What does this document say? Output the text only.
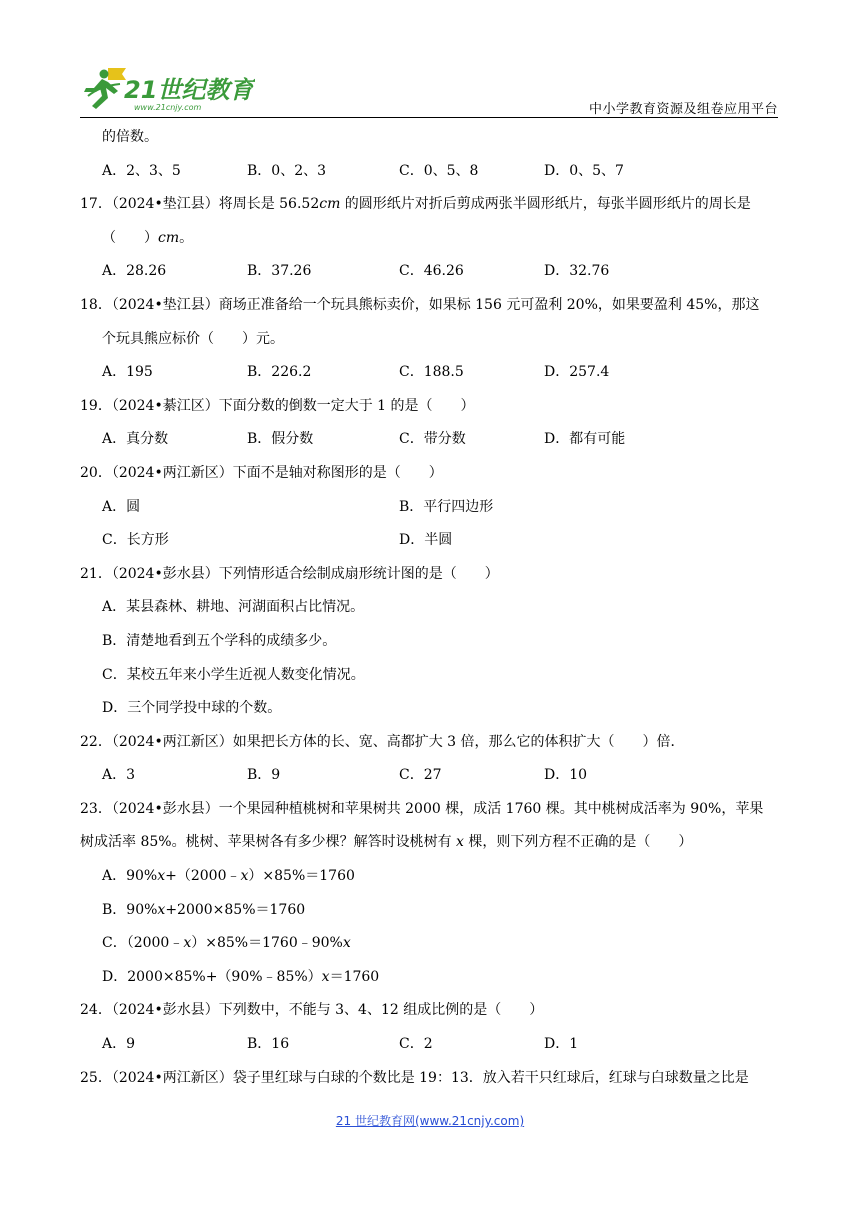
21世纪教育
www.21cnjy.com	中小学教育资源及组卷应用平台
的倍数。
A．2、3、5	B．0、2、3	C．0、5、8	D．0、5、7
17．（2024•垫江县）将周长是 56.52cm 的圆形纸片对折后剪成两张半圆形纸片，每张半圆形纸片的周长是
（　　）cm。
A．28.26	B．37.26	C．46.26	D．32.76
18．（2024•垫江县）商场正准备给一个玩具熊标卖价，如果标 156 元可盈利 20%，如果要盈利 45%，那这
个玩具熊应标价（　　）元。
A．195	B．226.2	C．188.5	D．257.4
19．（2024•綦江区）下面分数的倒数一定大于 1 的是（　　）
A．真分数	B．假分数	C．带分数	D．都有可能
20．（2024•两江新区）下面不是轴对称图形的是（　　）
A．圆	B．平行四边形
C．长方形	D．半圆
21．（2024•彭水县）下列情形适合绘制成扇形统计图的是（　　）
A．某县森林、耕地、河湖面积占比情况。
B．清楚地看到五个学科的成绩多少。
C．某校五年来小学生近视人数变化情况。
D．三个同学投中球的个数。
22．（2024•两江新区）如果把长方体的长、宽、高都扩大 3 倍，那么它的体积扩大（　　）倍．
A．3	B．9	C．27	D．10
23．（2024•彭水县）一个果园种植桃树和苹果树共 2000 棵，成活 1760 棵。其中桃树成活率为 90%，苹果
树成活率 85%。桃树、苹果树各有多少棵？解答时设桃树有 x 棵，则下列方程不正确的是（　　）
A．90%x+（2000﹣x）×85%＝1760
B．90%x+2000×85%＝1760
C．（2000﹣x）×85%＝1760﹣90%x
D．2000×85%+（90%﹣85%）x＝1760
24．（2024•彭水县）下列数中，不能与 3、4、12 组成比例的是（　　）
A．9	B．16	C．2	D．1
25．（2024•两江新区）袋子里红球与白球的个数比是 19：13．放入若干只红球后，红球与白球数量之比是
21 世纪教育网(www.21cnjy.com)
